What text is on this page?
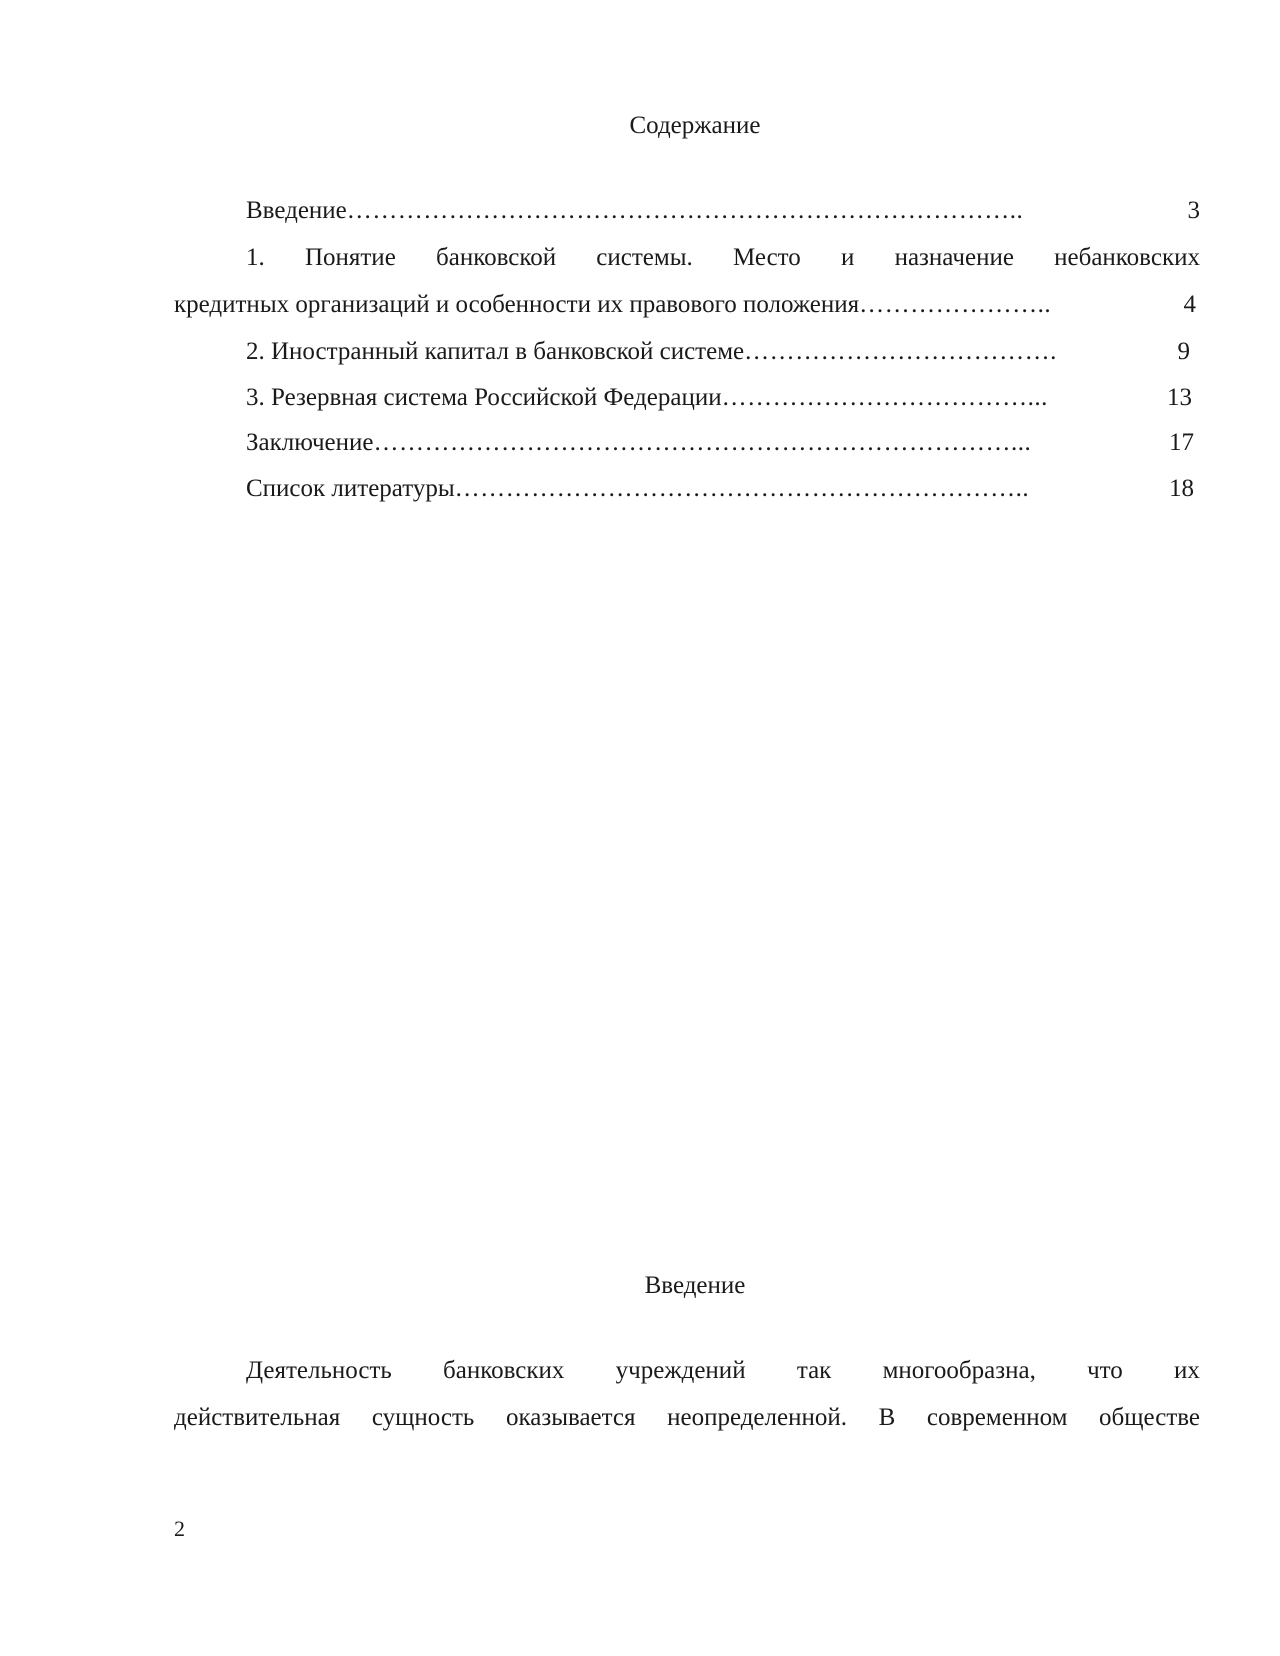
Содержание
Введение ……………………………………………………………………..	3
1. Понятие банковской системы. Место и назначение небанковских
кредитных организаций и особенности их правового положения …………………..	4
2. Иностранный капитал в банковской системе ……………………………….	9
3. Резервная система Российской Федерации ………………………………...	13
Заключение …………………………………………………………………...	17
Список литературы …………………………………………………………..	18
Введение
Деятельность банковских учреждений так многообразна, что их
действительная сущность оказывается неопределенной. В современном обществе
2
